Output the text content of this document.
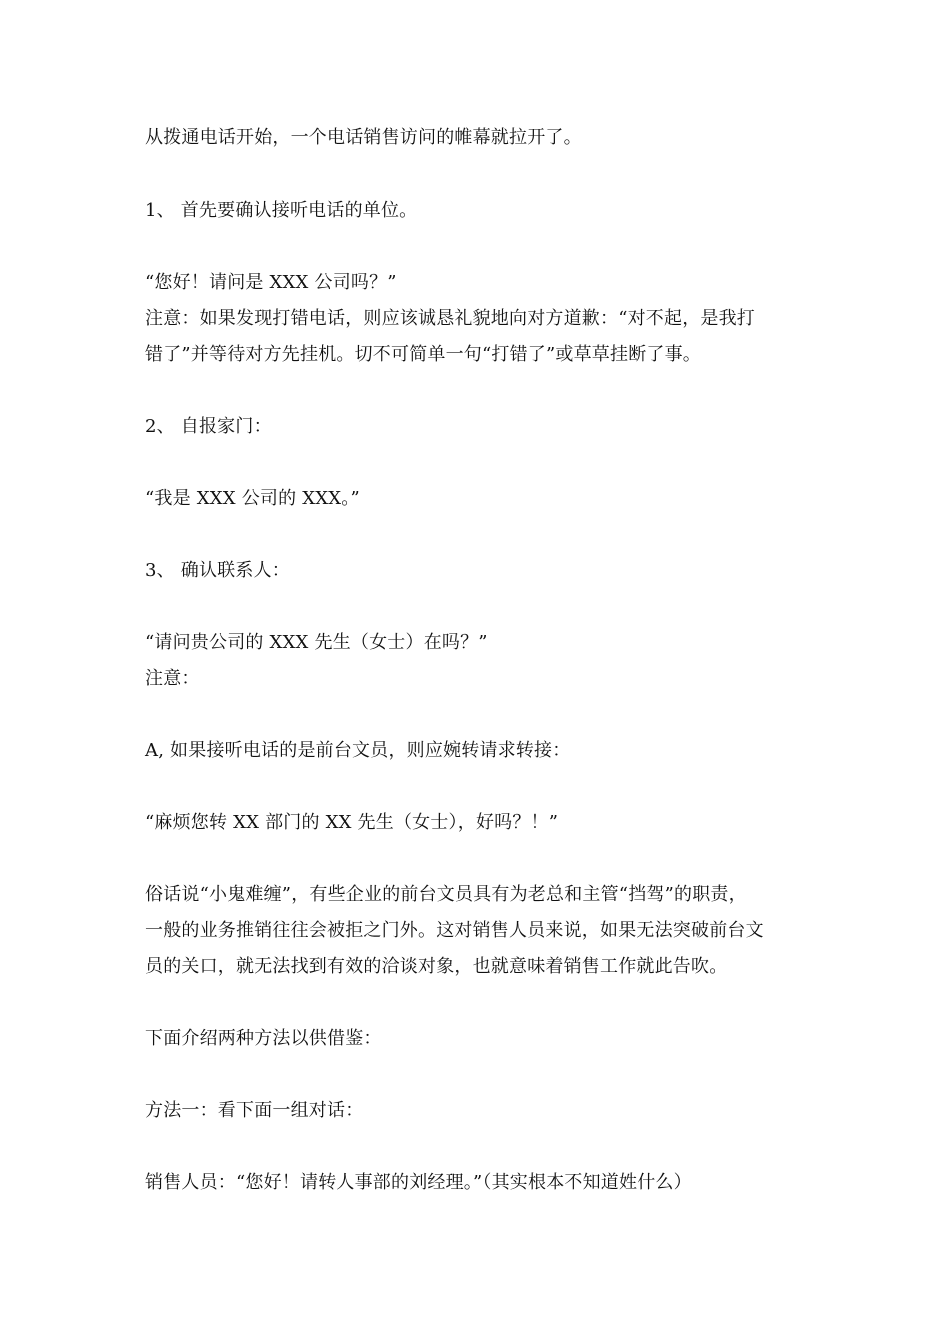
从拨通电话开始，一个电话销售访问的帷幕就拉开了。
1、 首先要确认接听电话的单位。
“您好！请问是 XXX 公司吗？”
注意：如果发现打错电话，则应该诚恳礼貌地向对方道歉：“对不起，是我打
错了”并等待对方先挂机。切不可简单一句“打错了”或草草挂断了事。
2、 自报家门：
“我是 XXX 公司的 XXX。”
3、 确认联系人：
“请问贵公司的 XXX 先生（女士）在吗？”
注意：
A, 如果接听电话的是前台文员，则应婉转请求转接：
“麻烦您转 XX 部门的 XX 先生（女士），好吗？！”
俗话说“小鬼难缠”，有些企业的前台文员具有为老总和主管“挡驾”的职责，
一般的业务推销往往会被拒之门外。这对销售人员来说，如果无法突破前台文
员的关口，就无法找到有效的洽谈对象，也就意味着销售工作就此告吹。
下面介绍两种方法以供借鉴：
方法一：看下面一组对话：
销售人员：“您好！请转人事部的刘经理。”（其实根本不知道姓什么）
